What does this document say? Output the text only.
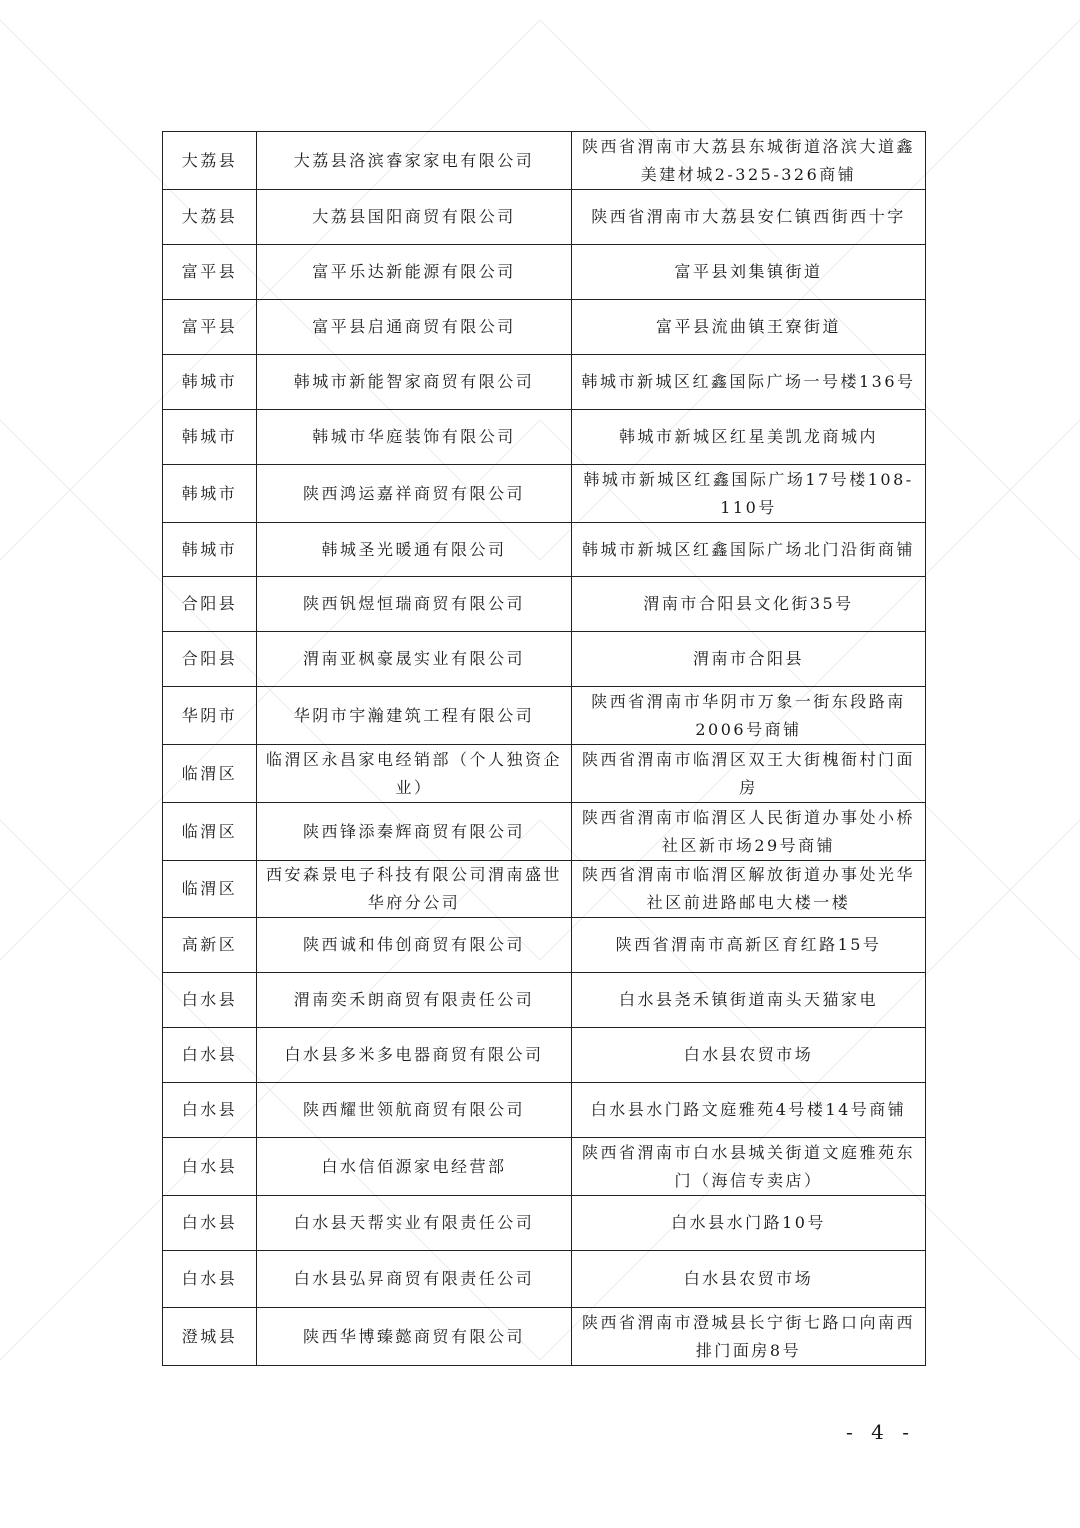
大荔县	大荔县洛滨睿家家电有限公司	陕西省渭南市大荔县东城街道洛滨大道鑫美建材城2-325-326商铺
大荔县	大荔县国阳商贸有限公司	陕西省渭南市大荔县安仁镇西街西十字
富平县	富平乐达新能源有限公司	富平县刘集镇街道
富平县	富平县启通商贸有限公司	富平县流曲镇王寮街道
韩城市	韩城市新能智家商贸有限公司	韩城市新城区红鑫国际广场一号楼136号
韩城市	韩城市华庭装饰有限公司	韩城市新城区红星美凯龙商城内
韩城市	陕西鸿运嘉祥商贸有限公司	韩城市新城区红鑫国际广场17号楼108-110号
韩城市	韩城圣光暖通有限公司	韩城市新城区红鑫国际广场北门沿街商铺
合阳县	陕西钒煜恒瑞商贸有限公司	渭南市合阳县文化街35号
合阳县	渭南亚枫豪晟实业有限公司	渭南市合阳县
华阴市	华阴市宇瀚建筑工程有限公司	陕西省渭南市华阴市万象一街东段路南2006号商铺
临渭区	临渭区永昌家电经销部（个人独资企业）	陕西省渭南市临渭区双王大街槐衙村门面房
临渭区	陕西锋添秦辉商贸有限公司	陕西省渭南市临渭区人民街道办事处小桥社区新市场29号商铺
临渭区	西安森景电子科技有限公司渭南盛世华府分公司	陕西省渭南市临渭区解放街道办事处光华社区前进路邮电大楼一楼
高新区	陕西诚和伟创商贸有限公司	陕西省渭南市高新区育红路15号
白水县	渭南奕禾朗商贸有限责任公司	白水县尧禾镇街道南头天猫家电
白水县	白水县多米多电器商贸有限公司	白水县农贸市场
白水县	陕西耀世领航商贸有限公司	白水县水门路文庭雅苑4号楼14号商铺
白水县	白水信佰源家电经营部	陕西省渭南市白水县城关街道文庭雅苑东门（海信专卖店）
白水县	白水县天帮实业有限责任公司	白水县水门路10号
白水县	白水县弘昇商贸有限责任公司	白水县农贸市场
澄城县	陕西华博臻懿商贸有限公司	陕西省渭南市澄城县长宁街七路口向南西排门面房8号
- 4 -
